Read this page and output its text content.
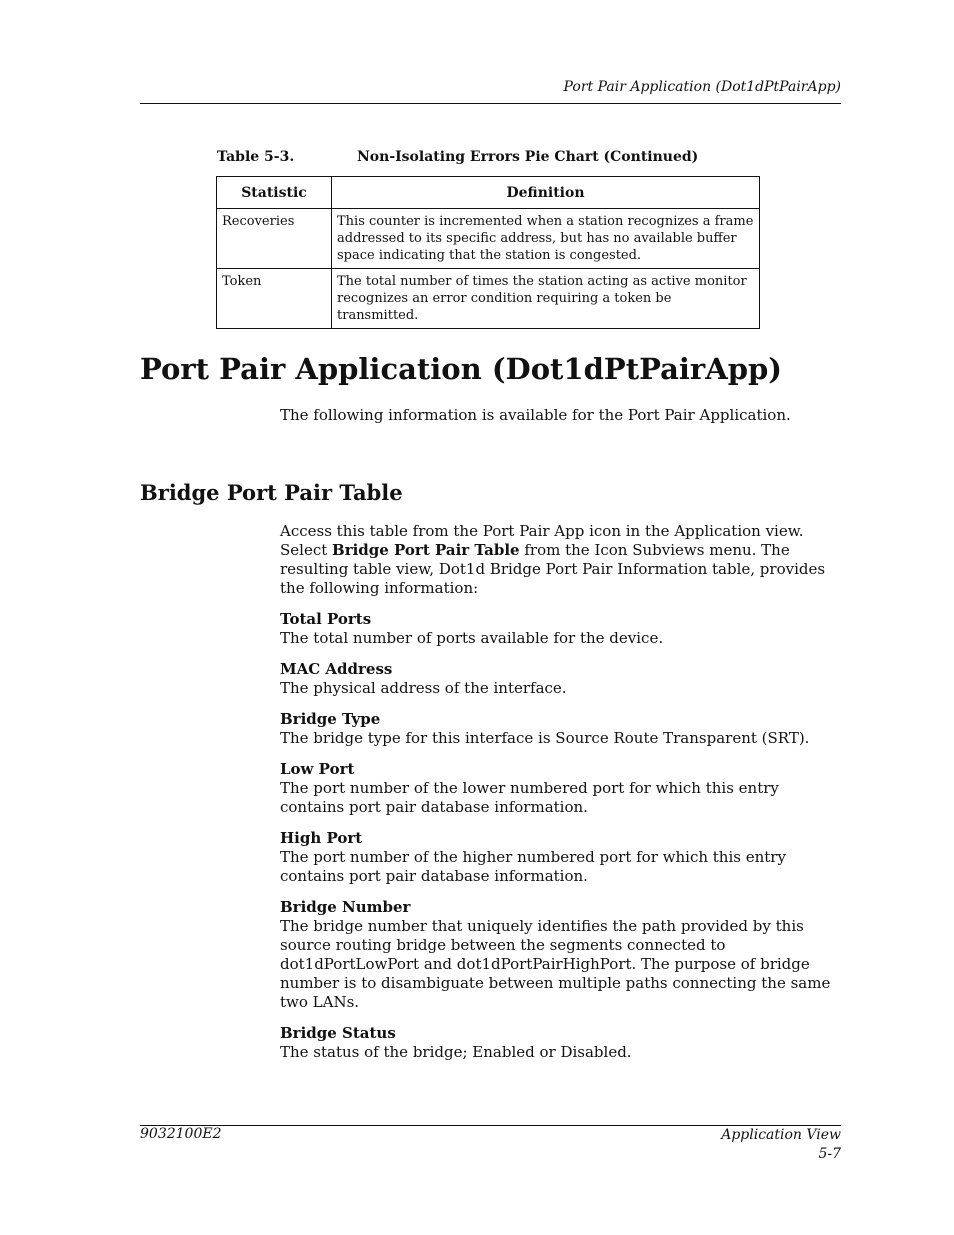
Port Pair Application (Dot1dPtPairApp)
Table 5-3.	Non-Isolating Errors Pie Chart (Continued)
Statistic	Definition
Recoveries	This counter is incremented when a station recognizes a frame addressed to its specific address, but has no available buffer space indicating that the station is congested.
Token	The total number of times the station acting as active monitor recognizes an error condition requiring a token be transmitted.
Port Pair Application (Dot1dPtPairApp)

The following information is available for the Port Pair Application.

Bridge Port Pair Table

Access this table from the Port Pair App icon in the Application view. Select Bridge Port Pair Table from the Icon Subviews menu. The resulting table view, Dot1d Bridge Port Pair Information table, provides the following information:

Total Ports
The total number of ports available for the device.
MAC Address
The physical address of the interface.
Bridge Type
The bridge type for this interface is Source Route Transparent (SRT).
Low Port
The port number of the lower numbered port for which this entry contains port pair database information.
High Port
The port number of the higher numbered port for which this entry contains port pair database information.
Bridge Number
The bridge number that uniquely identifies the path provided by this source routing bridge between the segments connected to dot1dPortLowPort and dot1dPortPairHighPort. The purpose of bridge number is to disambiguate between multiple paths connecting the same two LANs.
Bridge Status
The status of the bridge; Enabled or Disabled.
9032100E2	Application View
5-7
